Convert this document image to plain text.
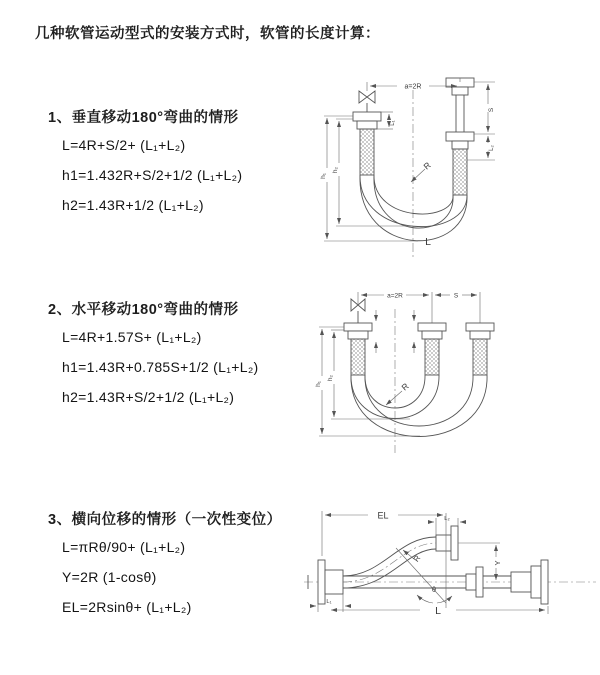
几种软管运动型式的安装方式时，软管的长度计算：
1、垂直移动180°弯曲的情形
L=4R+S/2+ (L₁+L₂)
h1=1.432R+S/2+1/2 (L₁+L₂)
h2=1.43R+1/2 (L₁+L₂)
2、水平移动180°弯曲的情形
L=4R+1.57S+ (L₁+L₂)
h1=1.43R+0.785S+1/2 (L₁+L₂)
h2=1.43R+S/2+1/2 (L₁+L₂)
3、横向位移的情形（一次性变位）
L=πRθ/90+ (L₁+L₂)
Y=2R (1-cosθ)
EL=2Rsinθ+ (L₁+L₂)
a=2R
L₁
S
L₂
h₁
h₂	R
L
a=2R	S
h₁
h₂
R
EL	L₂
Y
θ
R
L₁
L
